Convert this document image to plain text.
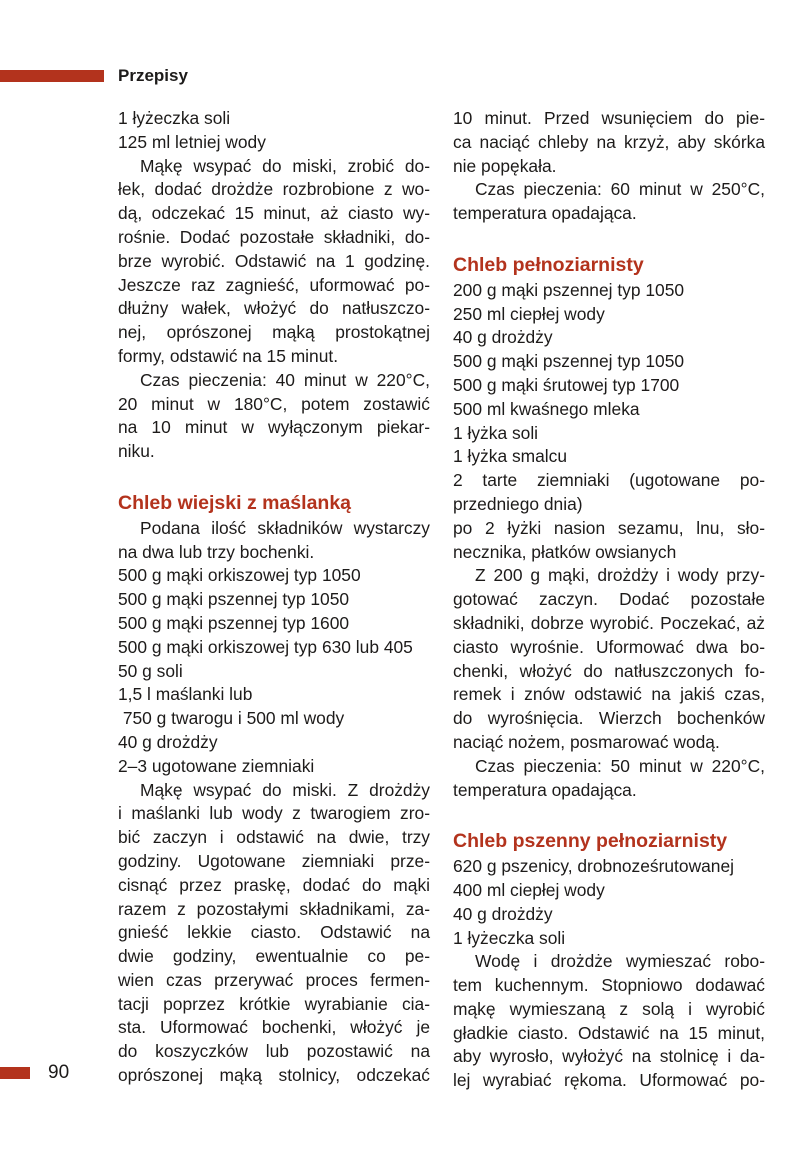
Przepisy
1 łyżeczka soli
125 ml letniej wody
Mąkę wsypać do miski, zrobić do-
łek, dodać drożdże rozbrobione z wo-
dą, odczekać 15 minut, aż ciasto wy-
rośnie. Dodać pozostałe składniki, do-
brze wyrobić. Odstawić na 1 godzinę.
Jeszcze raz zagnieść, uformować po-
dłużny wałek, włożyć do natłuszczo-
nej, oprószonej mąką prostokątnej
formy, odstawić na 15 minut.
Czas pieczenia: 40 minut w 220°C,
20 minut w 180°C, potem zostawić
na 10 minut w wyłączonym piekar-
niku.
Chleb wiejski z maślanką
Podana ilość składników wystarczy
na dwa lub trzy bochenki.
500 g mąki orkiszowej typ 1050
500 g mąki pszennej typ 1050
500 g mąki pszennej typ 1600
500 g mąki orkiszowej typ 630 lub 405
50 g soli
1,5 l maślanki lub
750 g twarogu i 500 ml wody
40 g drożdży
2–3 ugotowane ziemniaki
Mąkę wsypać do miski. Z drożdży
i maślanki lub wody z twarogiem zro-
bić zaczyn i odstawić na dwie, trzy
godziny. Ugotowane ziemniaki prze-
cisnąć przez praskę, dodać do mąki
razem z pozostałymi składnikami, za-
gnieść lekkie ciasto. Odstawić na
dwie godziny, ewentualnie co pe-
wien czas przerywać proces fermen-
tacji poprzez krótkie wyrabianie cia-
sta. Uformować bochenki, włożyć je
do koszyczków lub pozostawić na
oprószonej mąką stolnicy, odczekać
10 minut. Przed wsunięciem do pie-
ca naciąć chleby na krzyż, aby skórka
nie popękała.
Czas pieczenia: 60 minut w 250°C,
temperatura opadająca.
Chleb pełnoziarnisty
200 g mąki pszennej typ 1050
250 ml ciepłej wody
40 g drożdży
500 g mąki pszennej typ 1050
500 g mąki śrutowej typ 1700
500 ml kwaśnego mleka
1 łyżka soli
1 łyżka smalcu
2 tarte ziemniaki (ugotowane po-
przedniego dnia)
po 2 łyżki nasion sezamu, lnu, sło-
necznika, płatków owsianych
Z 200 g mąki, drożdży i wody przy-
gotować zaczyn. Dodać pozostałe
składniki, dobrze wyrobić. Poczekać, aż
ciasto wyrośnie. Uformować dwa bo-
chenki, włożyć do natłuszczonych fo-
remek i znów odstawić na jakiś czas,
do wyrośnięcia. Wierzch bochenków
naciąć nożem, posmarować wodą.
Czas pieczenia: 50 minut w 220°C,
temperatura opadająca.
Chleb pszenny pełnoziarnisty
620 g pszenicy, drobnoześrutowanej
400 ml ciepłej wody
40 g drożdży
1 łyżeczka soli
Wodę i drożdże wymieszać robo-
tem kuchennym. Stopniowo dodawać
mąkę wymieszaną z solą i wyrobić
gładkie ciasto. Odstawić na 15 minut,
aby wyrosło, wyłożyć na stolnicę i da-
lej wyrabiać rękoma. Uformować po-
90
